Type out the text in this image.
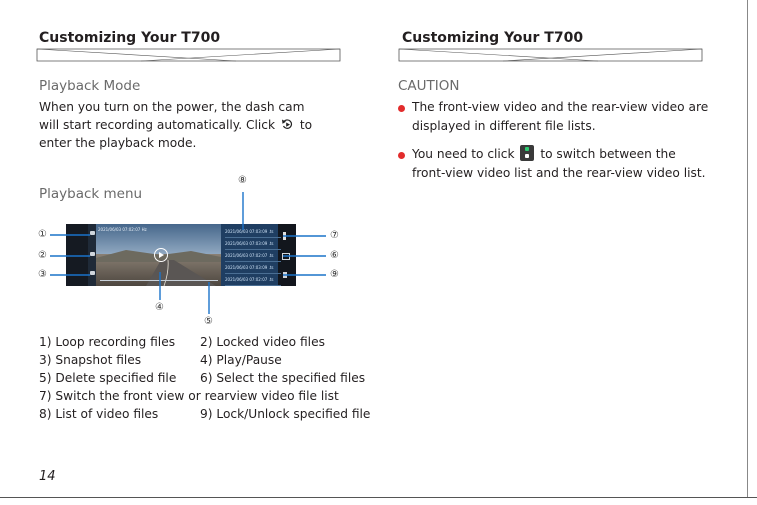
Customizing Your T700
Playback Mode
When you turn on the power, the dash cam
will start recording automatically. Click to
enter the playback mode.
Playback menu
2021/06/03 07:02:07 Hz	2021/06/03 07:03:09 .ts
2021/06/03 07:03:09 .ts
2021/06/03 07:02:07 .ts
2021/06/03 07:03:09 .ts
2021/06/03 07:02:07 .ts
①
②
③
④
⑤
⑥
⑦
⑧
⑨
1) Loop recording files 2) Locked video files
3) Snapshot files	4) Play/Pause
5) Delete specified file 6) Select the specified files
7) Switch the front view or rearview video file list
8) List of video files	9) Lock/Unlock specified file
14
Customizing Your T700
CAUTION
The front-view video and the rear-view video are
displayed in different file lists.
You need to click to switch between the
front-view video list and the rear-view video list.
